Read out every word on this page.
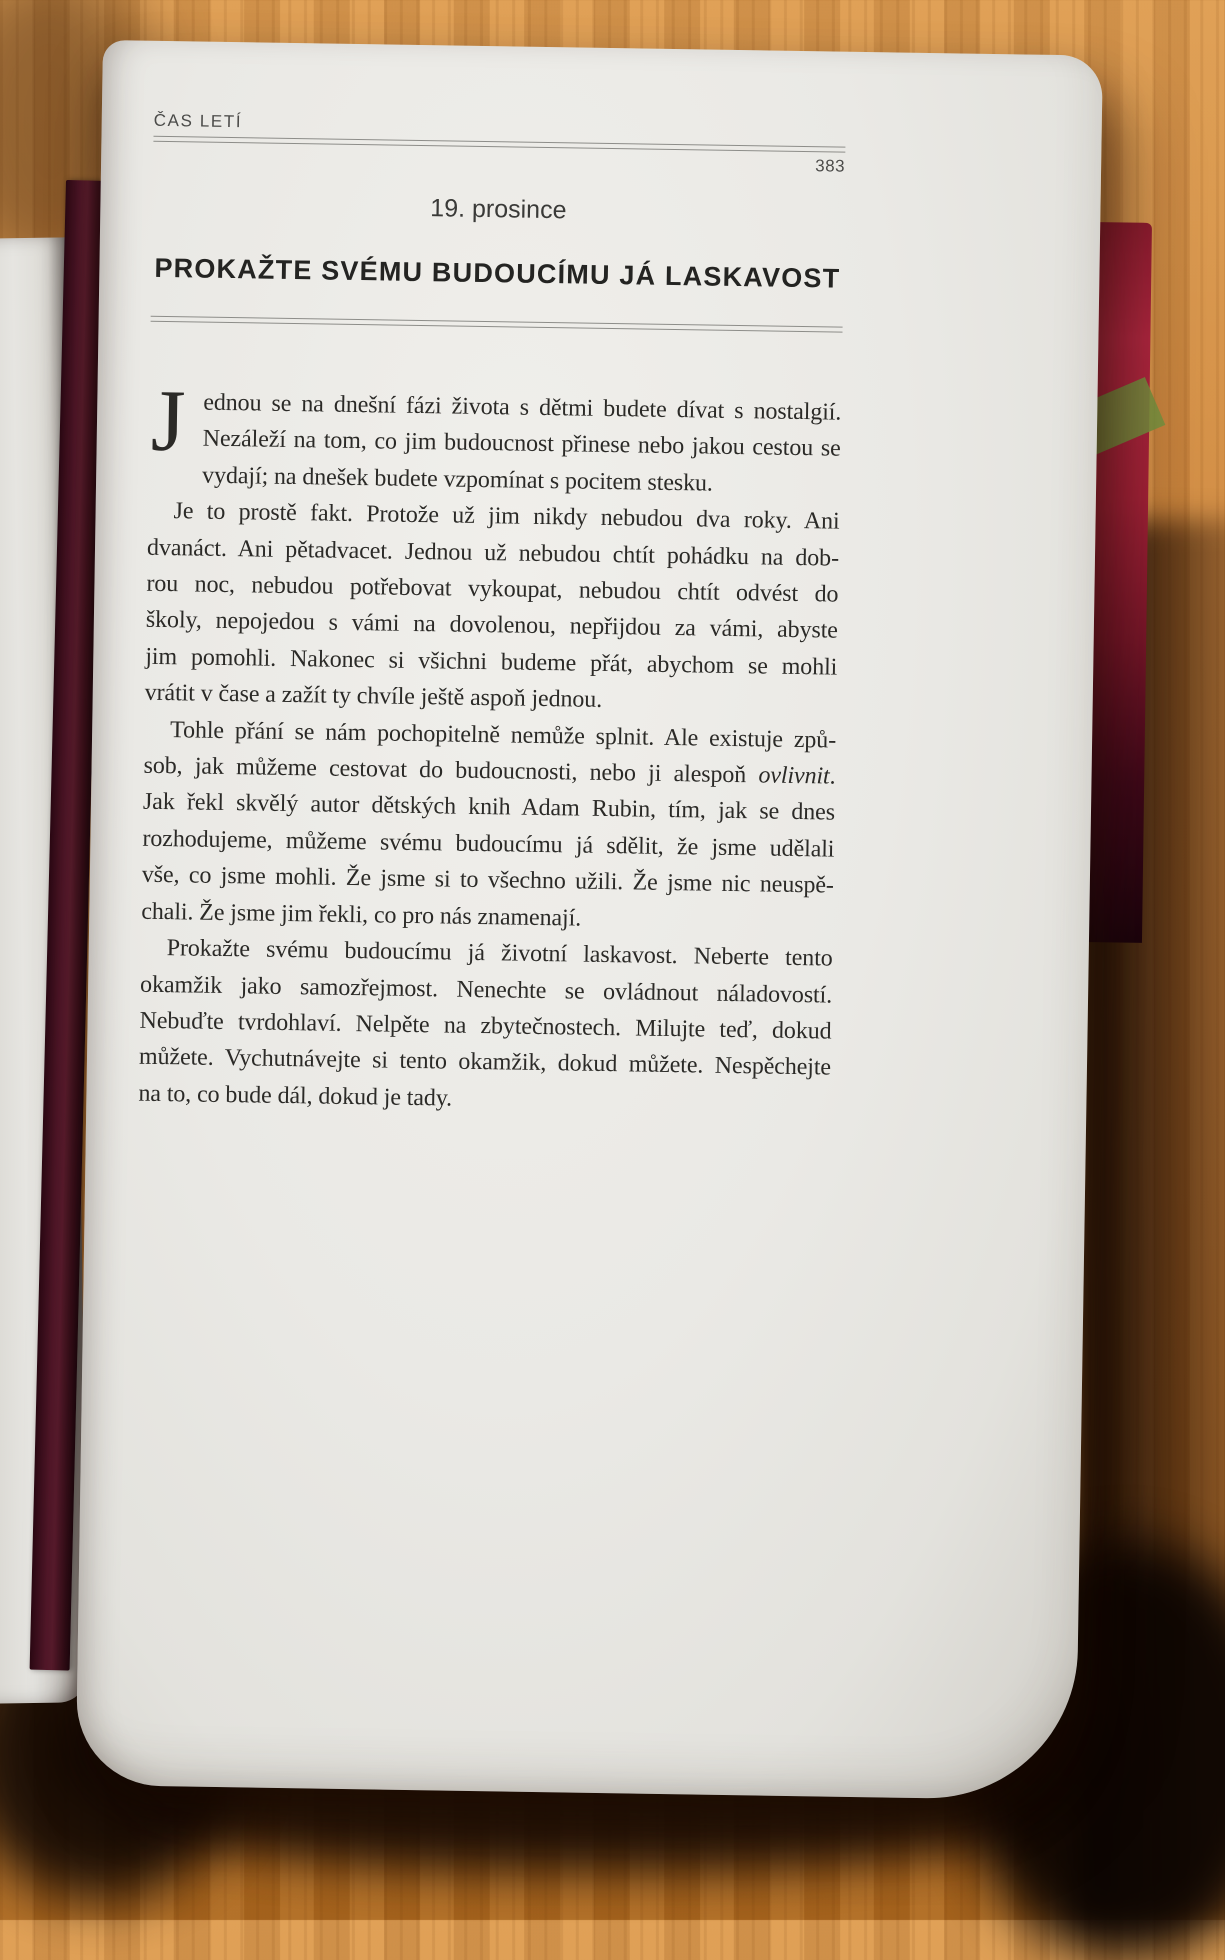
ČAS LETÍ
383
19. prosince
PROKAŽTE SVÉMU BUDOUCÍMU JÁ LASKAVOST
J ednou se na dnešní fázi života s dětmi budete dívat s nostalgií.
Nezáleží na tom, co jim budoucnost přinese nebo jakou cestou se
vydají; na dnešek budete vzpomínat s pocitem stesku.
Je to prostě fakt. Protože už jim nikdy nebudou dva roky. Ani
dvanáct. Ani pětadvacet. Jednou už nebudou chtít pohádku na dob-
rou noc, nebudou potřebovat vykoupat, nebudou chtít odvést do
školy, nepojedou s vámi na dovolenou, nepřijdou za vámi, abyste
jim pomohli. Nakonec si všichni budeme přát, abychom se mohli
vrátit v čase a zažít ty chvíle ještě aspoň jednou.
Tohle přání se nám pochopitelně nemůže splnit. Ale existuje způ-
sob, jak můžeme cestovat do budoucnosti, nebo ji alespoň ovlivnit.
Jak řekl skvělý autor dětských knih Adam Rubin, tím, jak se dnes
rozhodujeme, můžeme svému budoucímu já sdělit, že jsme udělali
vše, co jsme mohli. Že jsme si to všechno užili. Že jsme nic neuspě-
chali. Že jsme jim řekli, co pro nás znamenají.
Prokažte svému budoucímu já životní laskavost. Neberte tento
okamžik jako samozřejmost. Nenechte se ovládnout náladovostí.
Nebuďte tvrdohlaví. Nelpěte na zbytečnostech. Milujte teď, dokud
můžete. Vychutnávejte si tento okamžik, dokud můžete. Nespěchejte
na to, co bude dál, dokud je tady.
